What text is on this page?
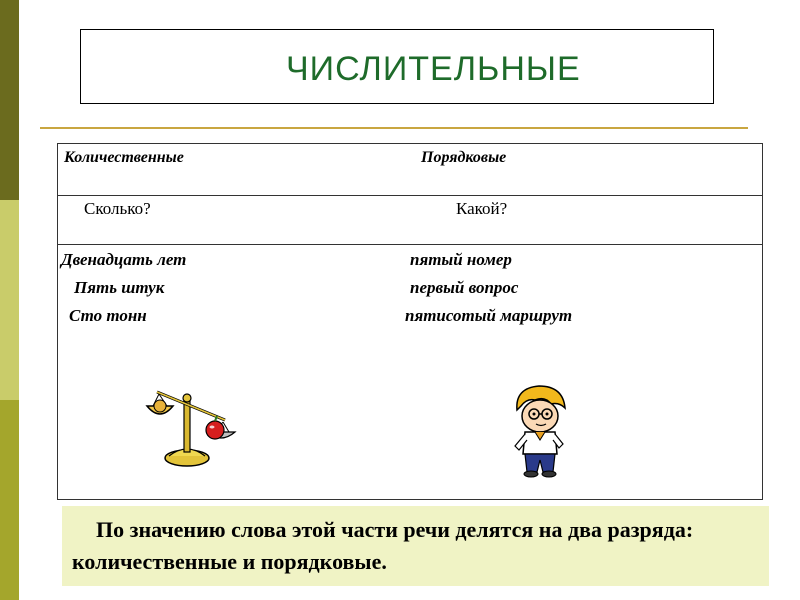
ЧИСЛИТЕЛЬНЫЕ
Количественные	Порядковые
Сколько?	Какой?
Двенадцать лет
Пять штук
Сто тонн
пятый номер
первый вопрос
пятисотый маршрут
По значению слова этой части речи делятся на два разряда: количественные и порядковые.
